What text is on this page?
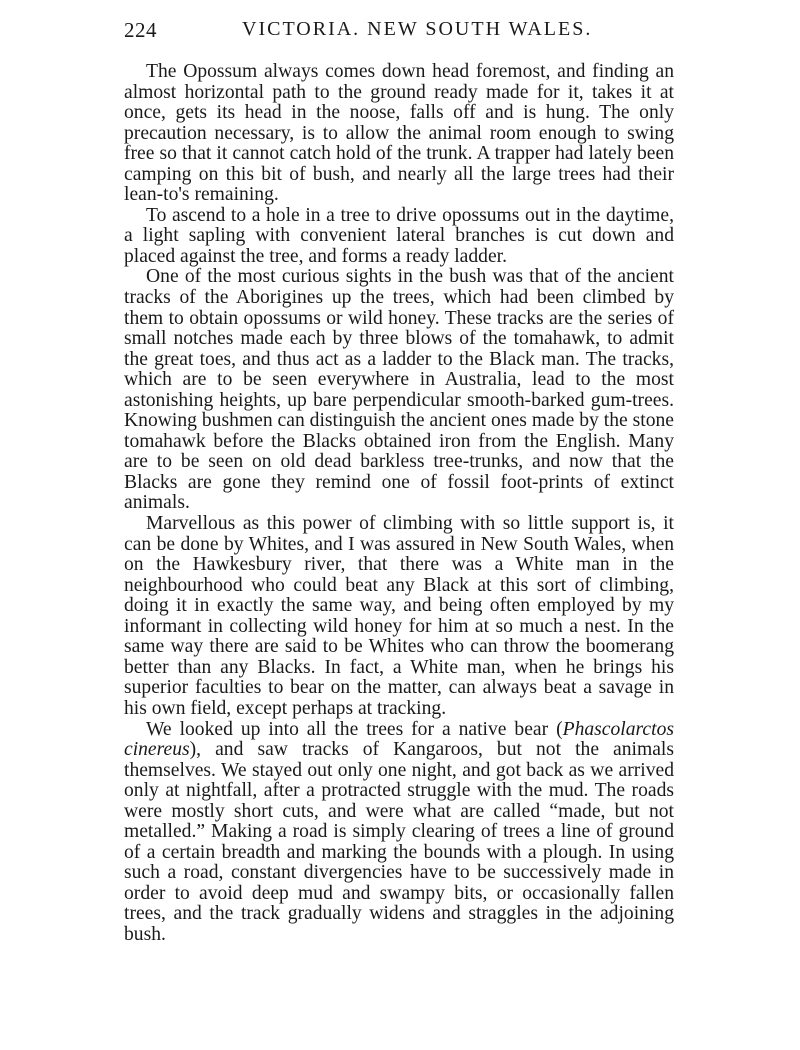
224	VICTORIA. NEW SOUTH WALES.

The Opossum always comes down head foremost, and finding an almost horizontal path to the ground ready made for it, takes it at once, gets its head in the noose, falls off and is hung. The only precaution necessary, is to allow the animal room enough to swing free so that it cannot catch hold of the trunk. A trapper had lately been camping on this bit of bush, and nearly all the large trees had their lean-to's remaining.

To ascend to a hole in a tree to drive opossums out in the daytime, a light sapling with convenient lateral branches is cut down and placed against the tree, and forms a ready ladder.

One of the most curious sights in the bush was that of the ancient tracks of the Aborigines up the trees, which had been climbed by them to obtain opossums or wild honey. These tracks are the series of small notches made each by three blows of the tomahawk, to admit the great toes, and thus act as a ladder to the Black man. The tracks, which are to be seen everywhere in Australia, lead to the most astonishing heights, up bare perpendicular smooth-barked gum-trees. Knowing bushmen can distinguish the ancient ones made by the stone tomahawk before the Blacks obtained iron from the English. Many are to be seen on old dead barkless tree-trunks, and now that the Blacks are gone they remind one of fossil foot-prints of extinct animals.

Marvellous as this power of climbing with so little support is, it can be done by Whites, and I was assured in New South Wales, when on the Hawkesbury river, that there was a White man in the neighbourhood who could beat any Black at this sort of climbing, doing it in exactly the same way, and being often employed by my informant in collecting wild honey for him at so much a nest. In the same way there are said to be Whites who can throw the boomerang better than any Blacks. In fact, a White man, when he brings his superior faculties to bear on the matter, can always beat a savage in his own field, except perhaps at tracking.

We looked up into all the trees for a native bear (Phascolarctos cinereus), and saw tracks of Kangaroos, but not the animals themselves. We stayed out only one night, and got back as we arrived only at nightfall, after a protracted struggle with the mud. The roads were mostly short cuts, and were what are called “made, but not metalled.” Making a road is simply clearing of trees a line of ground of a certain breadth and marking the bounds with a plough. In using such a road, constant divergencies have to be successively made in order to avoid deep mud and swampy bits, or occasionally fallen trees, and the track gradually widens and straggles in the adjoining bush.
